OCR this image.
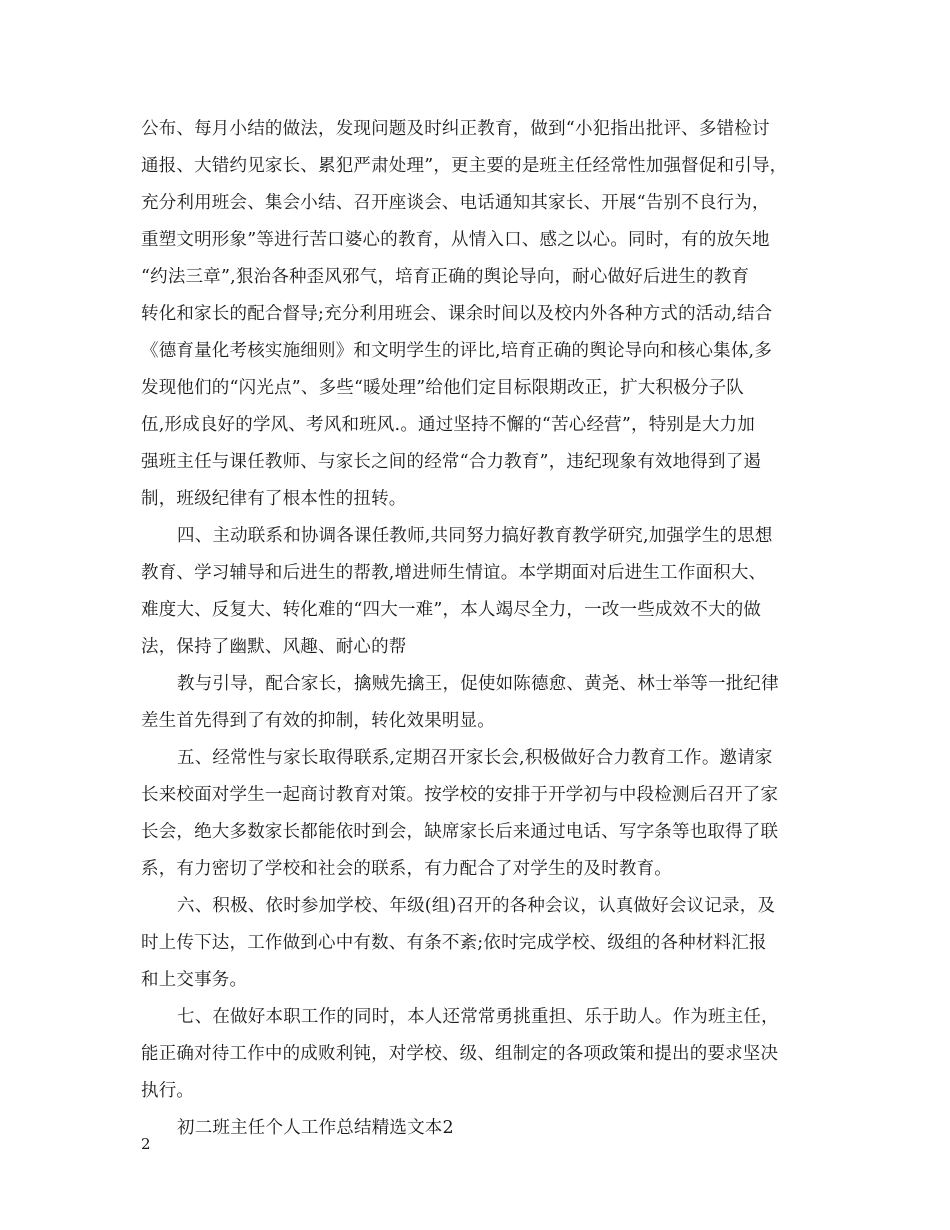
公布、每月小结的做法，发现问题及时纠正教育，做到“小犯指出批评、多错检讨
通报、大错约见家长、累犯严肃处理”，更主要的是班主任经常性加强督促和引导，
充分利用班会、集会小结、召开座谈会、电话通知其家长、开展“告别不良行为，
重塑文明形象”等进行苦口婆心的教育，从情入口、感之以心。同时，有的放矢地
“约法三章”,狠治各种歪风邪气，培育正确的舆论导向，耐心做好后进生的教育
转化和家长的配合督导;充分利用班会、课余时间以及校内外各种方式的活动,结合
《德育量化考核实施细则》和文明学生的评比,培育正确的舆论导向和核心集体,多
发现他们的“闪光点”、多些“暖处理”给他们定目标限期改正，扩大积极分子队
伍,形成良好的学风、考风和班风.。通过坚持不懈的“苦心经营”，特别是大力加
强班主任与课任教师、与家长之间的经常“合力教育”，违纪现象有效地得到了遏
制，班级纪律有了根本性的扭转。
四、主动联系和协调各课任教师,共同努力搞好教育教学研究,加强学生的思想
教育、学习辅导和后进生的帮教,增进师生情谊。本学期面对后进生工作面积大、
难度大、反复大、转化难的“四大一难”，本人竭尽全力，一改一些成效不大的做
法，保持了幽默、风趣、耐心的帮
教与引导，配合家长，擒贼先擒王，促使如陈德愈、黄尧、林士举等一批纪律
差生首先得到了有效的抑制，转化效果明显。
五、经常性与家长取得联系,定期召开家长会,积极做好合力教育工作。邀请家
长来校面对学生一起商讨教育对策。按学校的安排于开学初与中段检测后召开了家
长会，绝大多数家长都能依时到会，缺席家长后来通过电话、写字条等也取得了联
系，有力密切了学校和社会的联系，有力配合了对学生的及时教育。
六、积极、依时参加学校、年级(组)召开的各种会议，认真做好会议记录，及
时上传下达，工作做到心中有数、有条不紊;依时完成学校、级组的各种材料汇报
和上交事务。
七、在做好本职工作的同时，本人还常常勇挑重担、乐于助人。作为班主任，
能正确对待工作中的成败利钝，对学校、级、组制定的各项政策和提出的要求坚决
执行。
初二班主任个人工作总结精选文本2
2
